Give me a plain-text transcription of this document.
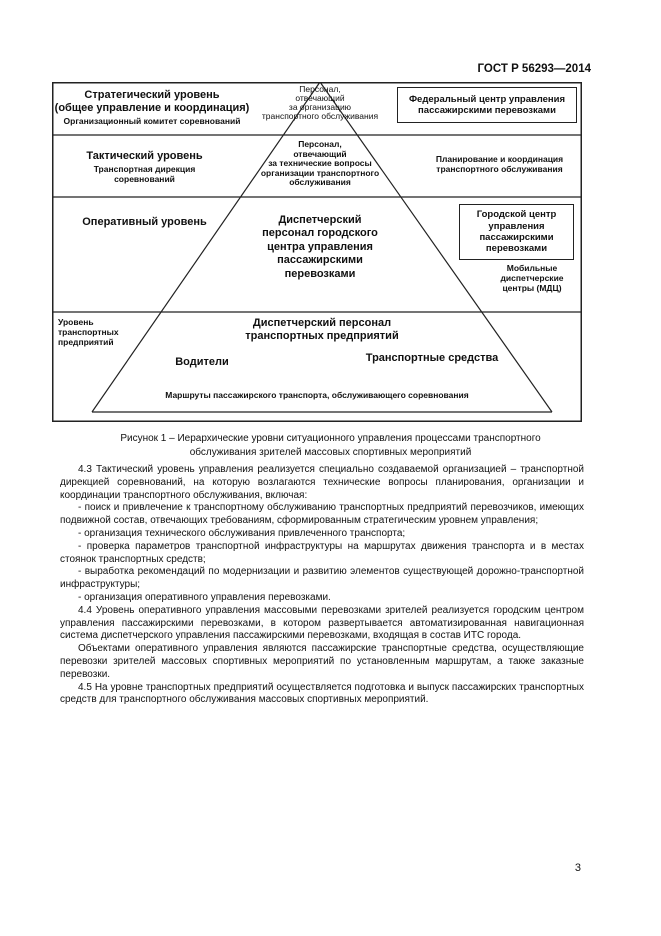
ГОСТ Р 56293—2014
Стратегический уровень
(общее управление и координация)
Организационный комитет соревнований
Персонал,
отвечающий
за организацию
транспортного обслуживания
Федеральный центр управления
пассажирскими перевозками
Тактический уровень
Транспортная дирекция
соревнований
Персонал,
отвечающий
за технические вопросы
организации транспортного
обслуживания
Планирование и координация
транспортного обслуживания
Оперативный уровень	Диспетчерский
персонал городского
центра управления
пассажирскими
перевозками
Городской центр
управления
пассажирскими
перевозками
Мобильные
диспетчерские
центры (МДЦ)
Уровень
транспортных
предприятий
Диспетчерский персонал
транспортных предприятий
Водители	Транспортные средства
Маршруты пассажирского транспорта, обслуживающего соревнования
Рисунок 1 – Иерархические уровни ситуационного управления процессами транспортного
обслуживания зрителей массовых спортивных мероприятий

4.3 Тактический уровень управления реализуется специально создаваемой организацией – транспортной дирекцией соревнований, на которую возлагаются технические вопросы планирования, организации и координации транспортного обслуживания, включая:

- поиск и привлечение к транспортному обслуживанию транспортных предприятий перевозчиков, имеющих подвижной состав, отвечающих требованиям, сформированным стратегическим уровнем управления;

- организация технического обслуживания привлеченного транспорта;

- проверка параметров транспортной инфраструктуры на маршрутах движения транспорта и в местах стоянок транспортных средств;

- выработка рекомендаций по модернизации и развитию элементов существующей дорожно-транспортной инфраструктуры;

- организация оперативного управления перевозками.

4.4 Уровень оперативного управления массовыми перевозками зрителей реализуется городским центром управления пассажирскими перевозками, в котором развертывается автоматизированная навигационная система диспетчерского управления пассажирскими перевозками, входящая в состав ИТС города.

Объектами оперативного управления являются пассажирские транспортные средства, осуществляющие перевозки зрителей массовых спортивных мероприятий по установленным маршрутам, а также заказные перевозки.

4.5 На уровне транспортных предприятий осуществляется подготовка и выпуск пассажирских транспортных средств для транспортного обслуживания массовых спортивных мероприятий.

3
